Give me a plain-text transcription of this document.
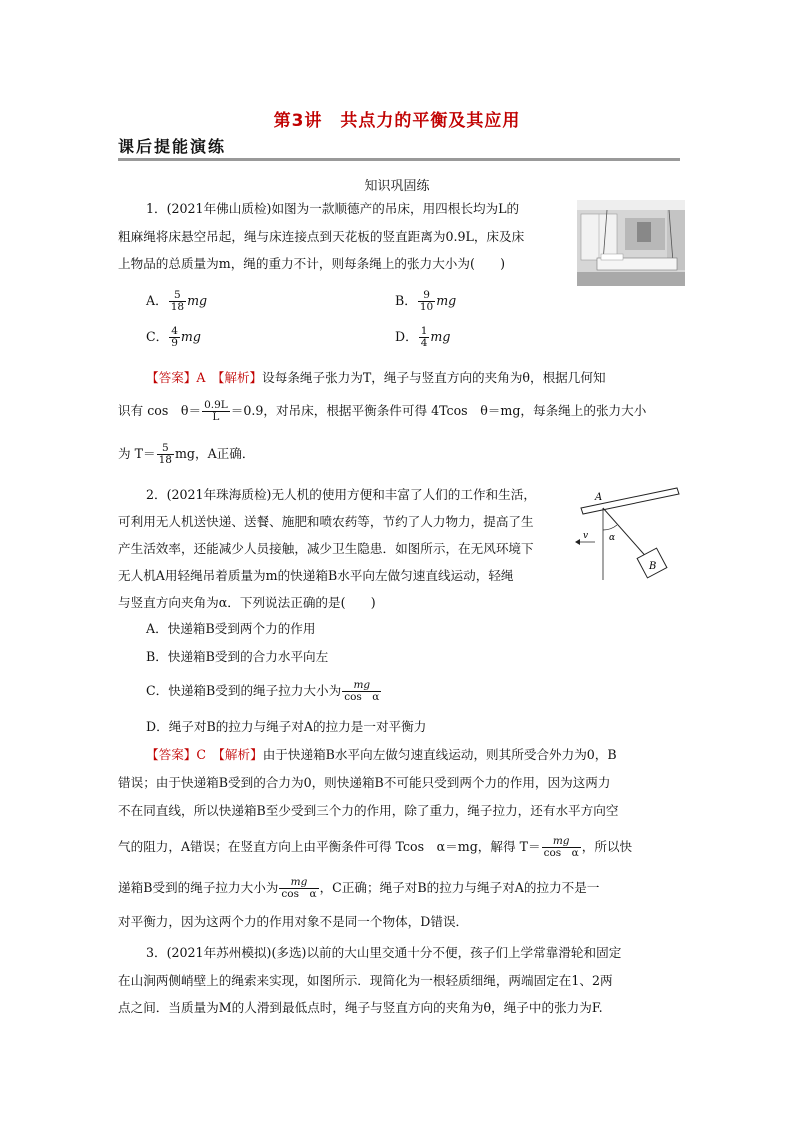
第3讲　共点力的平衡及其应用
课后提能演练
知识巩固练
1．(2021年佛山质检)如图为一款顺德产的吊床，用四根长均为L的
粗麻绳将床悬空吊起，绳与床连接点到天花板的竖直距离为0.9L，床及床
上物品的总质量为m，绳的重力不计，则每条绳上的张力大小为(　　)
A． $\frac{5}{18}$ mg	B． $\frac{9}{10}$ mg
C． $\frac{4}{9}$ mg	D． $\frac{1}{4}$ mg
【答案】A　【解析】设每条绳子张力为T，绳子与竖直方向的夹角为θ，根据几何知
识有 cos　$\theta= \frac{0.9L}{L} =0.9$，对吊床，根据平衡条件可得 4Tcos　θ＝mg，每条绳上的张力大小
为 $T= \frac{5}{18}$ mg，A正确．
2．(2021年珠海质检)无人机的使用方便和丰富了人们的工作和生活，
可利用无人机送快递、送餐、施肥和喷农药等，节约了人力物力，提高了生
产生活效率，还能减少人员接触，减少卫生隐患．如图所示，在无风环境下
无人机A用轻绳吊着质量为m的快递箱B水平向左做匀速直线运动，轻绳
与竖直方向夹角为α．下列说法正确的是(　　)
A．快递箱B受到两个力的作用
B．快递箱B受到的合力水平向左
C．快递箱B受到的绳子拉力大小为 $\frac{mg}{\text{cos　α}}$
D．绳子对B的拉力与绳子对A的拉力是一对平衡力
【答案】C　【解析】由于快递箱B水平向左做匀速直线运动，则其所受合外力为0，B
错误；由于快递箱B受到的合力为0，则快递箱B不可能只受到两个力的作用，因为这两力
不在同直线，所以快递箱B至少受到三个力的作用，除了重力，绳子拉力，还有水平方向空
气的阻力，A错误；在竖直方向上由平衡条件可得 Tcos　α＝mg，解得 $T= \frac{mg}{\text{cos　α}}$ ，所以快
递箱B受到的绳子拉力大小为 $\frac{mg}{\text{cos　α}}$ ，C正确；绳子对B的拉力与绳子对A的拉力不是一
对平衡力，因为这两个力的作用对象不是同一个物体，D错误．
A
B
v α
3．(2021年苏州模拟)(多选)以前的大山里交通十分不便，孩子们上学常靠滑轮和固定
在山涧两侧峭壁上的绳索来实现，如图所示．现简化为一根轻质细绳，两端固定在1、2两
点之间．当质量为M的人滑到最低点时，绳子与竖直方向的夹角为θ，绳子中的张力为F.
